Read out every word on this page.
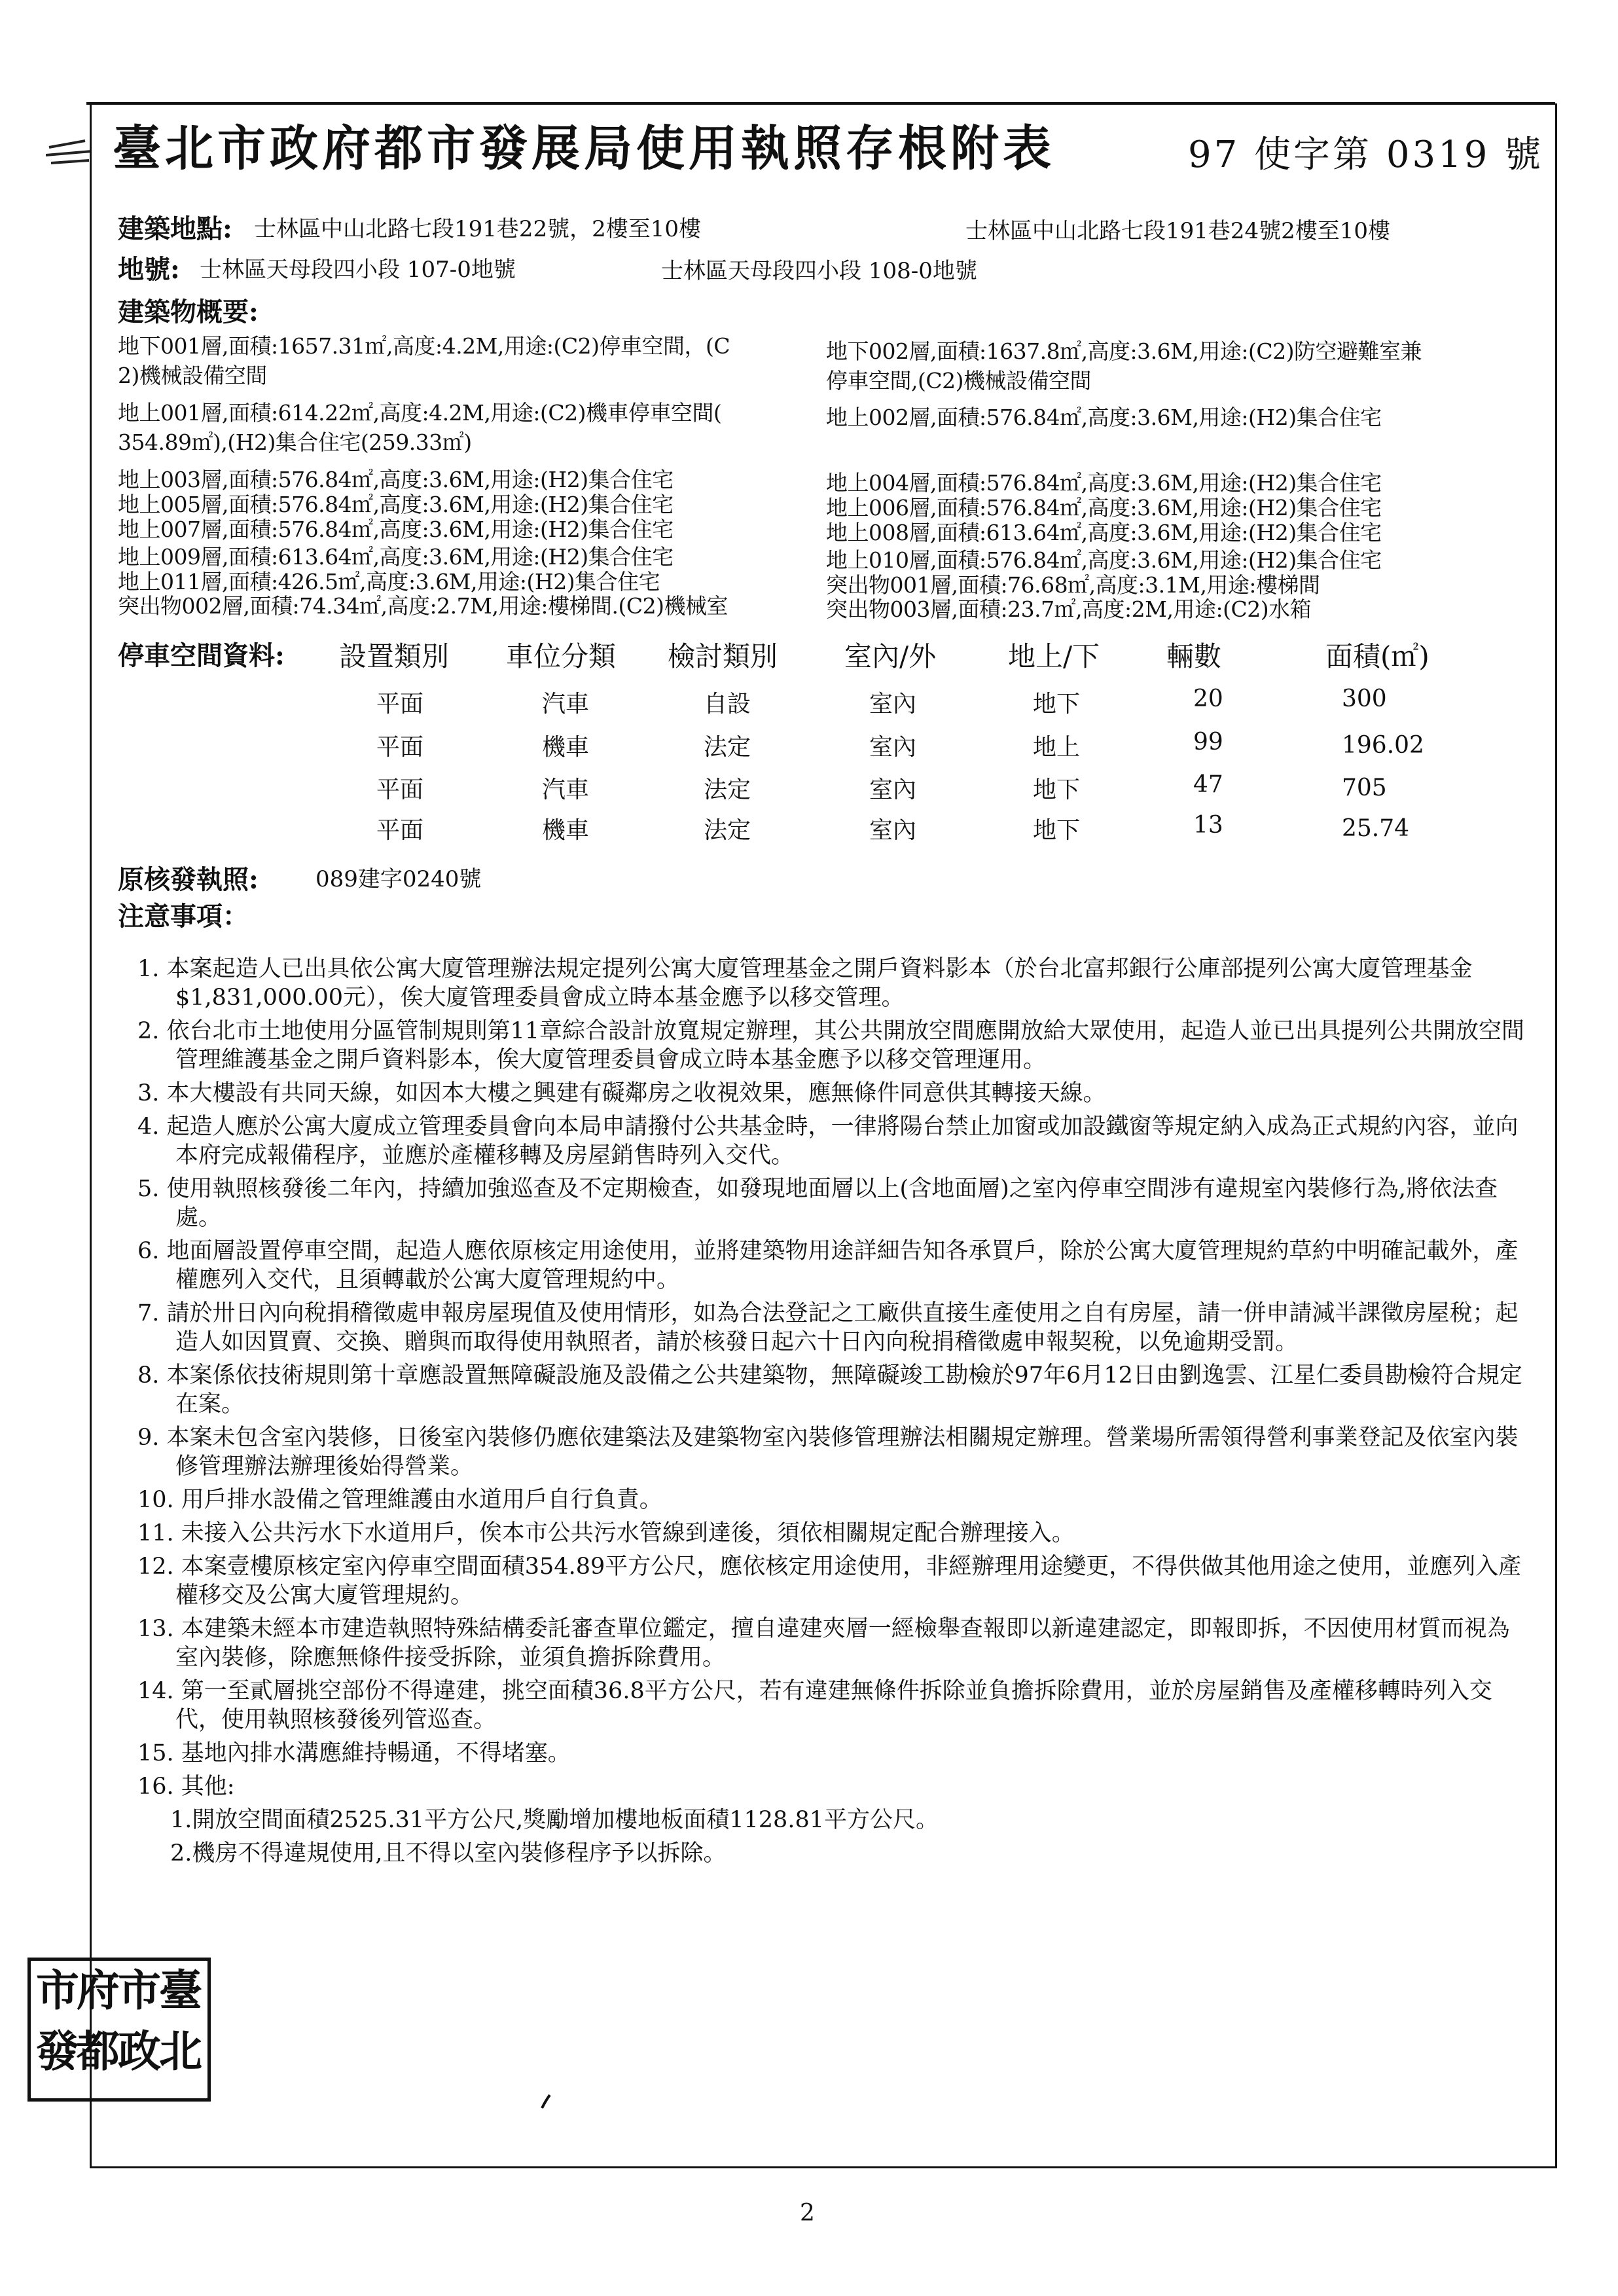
臺北市政府都市發展局使用執照存根附表	97 使字第 0319 號
建築地點: 士林區中山北路七段191巷22號，2樓至10樓	士林區中山北路七段191巷24號2樓至10樓
地號: 士林區天母段四小段 107-0地號	士林區天母段四小段 108-0地號
建築物概要:
地下001層,面積:1657.31㎡,高度:4.2M,用途:(C2)停車空間，(C	地下002層,面積:1637.8㎡,高度:3.6M,用途:(C2)防空避難室兼
2)機械設備空間	停車空間,(C2)機械設備空間
地上001層,面積:614.22㎡,高度:4.2M,用途:(C2)機車停車空間(	地上002層,面積:576.84㎡,高度:3.6M,用途:(H2)集合住宅
354.89㎡),(H2)集合住宅(259.33㎡)
地上003層,面積:576.84㎡,高度:3.6M,用途:(H2)集合住宅	地上004層,面積:576.84㎡,高度:3.6M,用途:(H2)集合住宅
地上005層,面積:576.84㎡,高度:3.6M,用途:(H2)集合住宅	地上006層,面積:576.84㎡,高度:3.6M,用途:(H2)集合住宅
地上007層,面積:576.84㎡,高度:3.6M,用途:(H2)集合住宅	地上008層,面積:613.64㎡,高度:3.6M,用途:(H2)集合住宅
地上009層,面積:613.64㎡,高度:3.6M,用途:(H2)集合住宅	地上010層,面積:576.84㎡,高度:3.6M,用途:(H2)集合住宅
地上011層,面積:426.5㎡,高度:3.6M,用途:(H2)集合住宅	突出物001層,面積:76.68㎡,高度:3.1M,用途:樓梯間
突出物002層,面積:74.34㎡,高度:2.7M,用途:樓梯間.(C2)機械室	突出物003層,面積:23.7㎡,高度:2M,用途:(C2)水箱
停車空間資料: 設置類別 車位分類 檢討類別 室內/外	地上/下 輛數	面積(㎡)
平面	汽車	自設	室內	地下	20	300
平面	機車	法定	室內	地上	99	196.02
平面	汽車	法定	室內	地下	47	705
平面	機車	法定	室內	地下	13	25.74
原核發執照:	089建字0240號
注意事項：
1. 本案起造人已出具依公寓大廈管理辦法規定提列公寓大廈管理基金之開戶資料影本（於台北富邦銀行公庫部提列公寓大廈管理基金$1,831,000.00元），俟大廈管理委員會成立時本基金應予以移交管理。
2. 依台北市土地使用分區管制規則第11章綜合設計放寬規定辦理，其公共開放空間應開放給大眾使用，起造人並已出具提列公共開放空間管理維護基金之開戶資料影本，俟大廈管理委員會成立時本基金應予以移交管理運用。
3. 本大樓設有共同天線，如因本大樓之興建有礙鄰房之收視效果，應無條件同意供其轉接天線。
4. 起造人應於公寓大廈成立管理委員會向本局申請撥付公共基金時，一律將陽台禁止加窗或加設鐵窗等規定納入成為正式規約內容，並向本府完成報備程序，並應於產權移轉及房屋銷售時列入交代。
5. 使用執照核發後二年內，持續加強巡查及不定期檢查，如發現地面層以上(含地面層)之室內停車空間涉有違規室內裝修行為,將依法查處。
6. 地面層設置停車空間，起造人應依原核定用途使用，並將建築物用途詳細告知各承買戶，除於公寓大廈管理規約草約中明確記載外，產權應列入交代，且須轉載於公寓大廈管理規約中。
7. 請於卅日內向稅捐稽徵處申報房屋現值及使用情形，如為合法登記之工廠供直接生產使用之自有房屋，請一併申請減半課徵房屋稅；起造人如因買賣、交換、贈與而取得使用執照者，請於核發日起六十日內向稅捐稽徵處申報契稅，以免逾期受罰。
8. 本案係依技術規則第十章應設置無障礙設施及設備之公共建築物，無障礙竣工勘檢於97年6月12日由劉逸雲、江星仁委員勘檢符合規定在案。
9. 本案未包含室內裝修，日後室內裝修仍應依建築法及建築物室內裝修管理辦法相關規定辦理。營業場所需領得營利事業登記及依室內裝修管理辦法辦理後始得營業。
10. 用戶排水設備之管理維護由水道用戶自行負責。
11. 未接入公共污水下水道用戶，俟本市公共污水管線到達後，須依相關規定配合辦理接入。
12. 本案壹樓原核定室內停車空間面積354.89平方公尺，應依核定用途使用，非經辦理用途變更，不得供做其他用途之使用，並應列入產權移交及公寓大廈管理規約。
13. 本建築未經本市建造執照特殊結構委託審查單位鑑定，擅自違建夾層一經檢舉查報即以新違建認定，即報即拆，不因使用材質而視為室內裝修，除應無條件接受拆除，並須負擔拆除費用。
14. 第一至貳層挑空部份不得違建，挑空面積36.8平方公尺，若有違建無條件拆除並負擔拆除費用，並於房屋銷售及產權移轉時列入交代，使用執照核發後列管巡查。
15. 基地內排水溝應維持暢通，不得堵塞。
16. 其他:
1.開放空間面積2525.31平方公尺,獎勵增加樓地板面積1128.81平方公尺。
2.機房不得違規使用,且不得以室內裝修程序予以拆除。
臺
北
市
政
府
都
市
發
2
